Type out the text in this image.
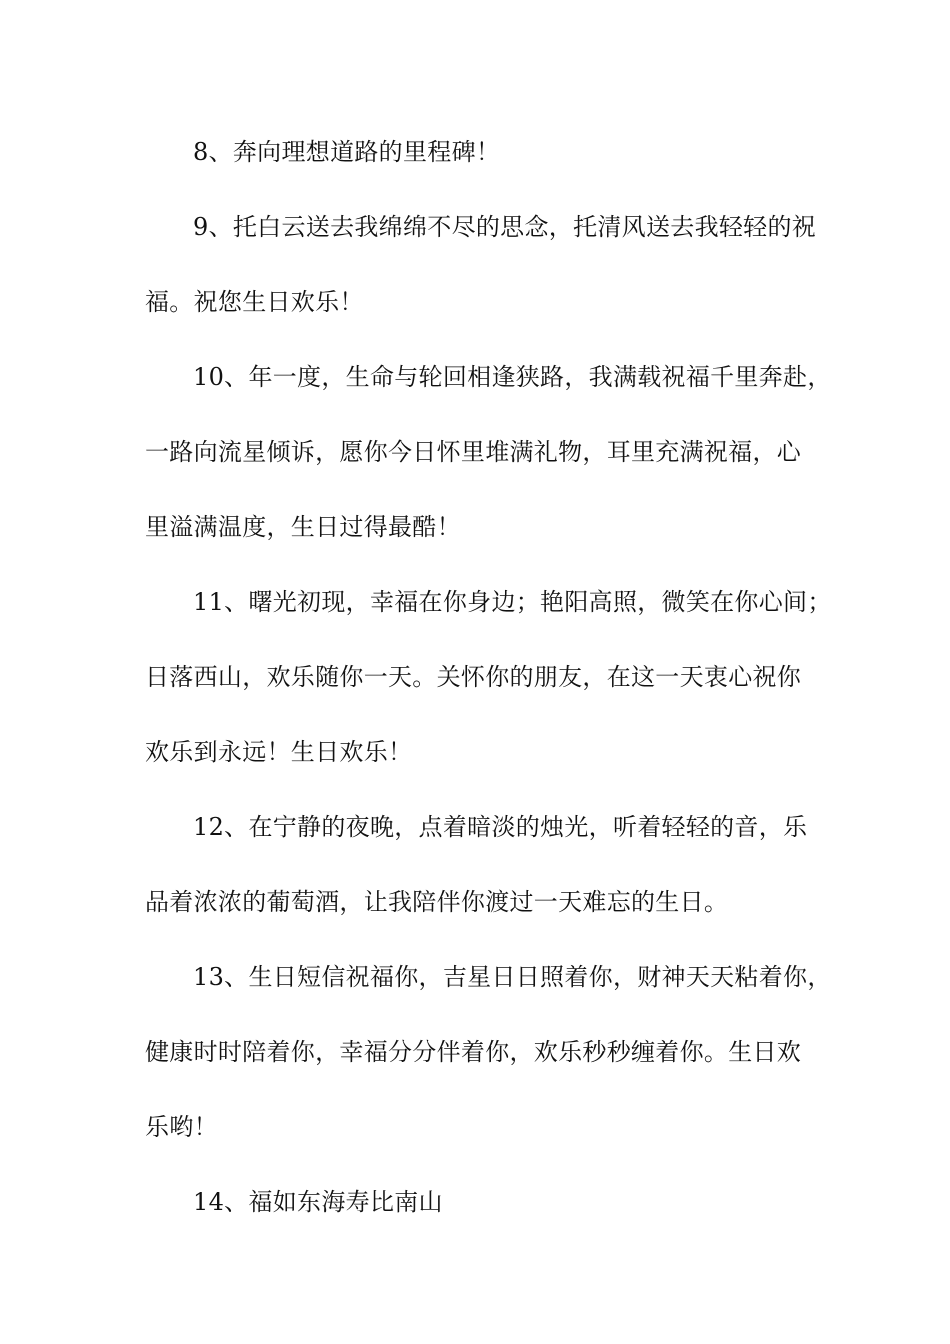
8、奔向理想道路的里程碑！
9、托白云送去我绵绵不尽的思念，托清风送去我轻轻的祝
福。祝您生日欢乐！
10、年一度，生命与轮回相逢狭路，我满载祝福千里奔赴，
一路向流星倾诉，愿你今日怀里堆满礼物，耳里充满祝福，心
里溢满温度，生日过得最酷！
11、曙光初现，幸福在你身边；艳阳高照，微笑在你心间；
日落西山，欢乐随你一天。关怀你的朋友，在这一天衷心祝你
欢乐到永远！生日欢乐！
12、在宁静的夜晚，点着暗淡的烛光，听着轻轻的音，乐
品着浓浓的葡萄酒，让我陪伴你渡过一天难忘的生日。
13、生日短信祝福你，吉星日日照着你，财神天天粘着你，
健康时时陪着你，幸福分分伴着你，欢乐秒秒缠着你。生日欢
乐哟！
14、福如东海寿比南山
